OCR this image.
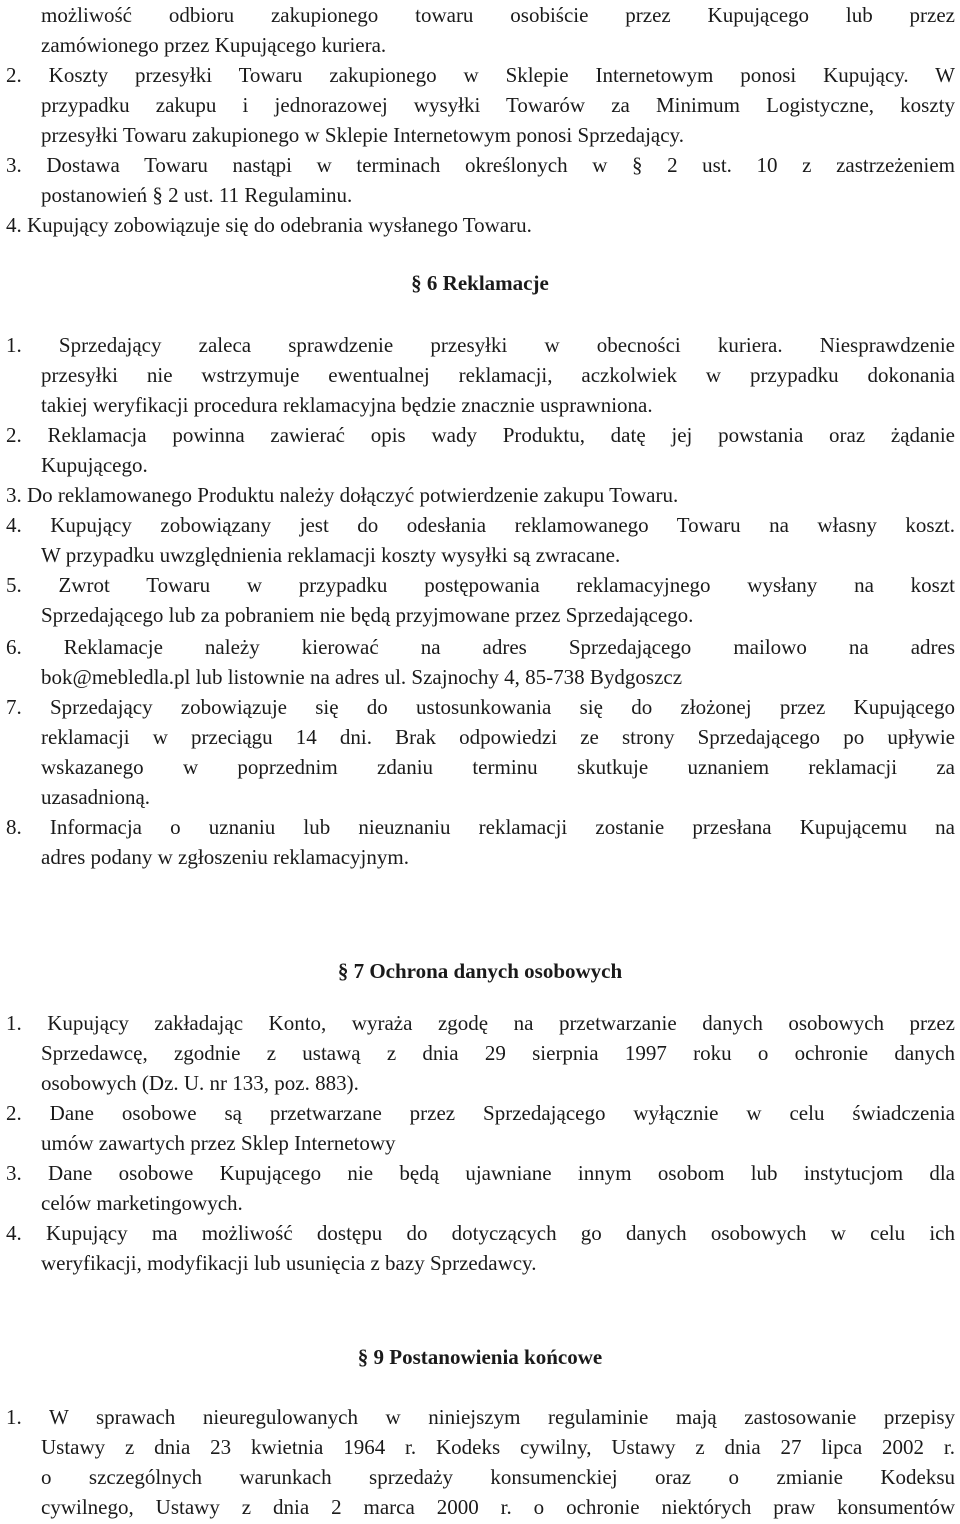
możliwość odbioru zakupionego towaru osobiście przez Kupującego lub przez
zamówionego przez Kupującego kuriera.
2. Koszty przesyłki Towaru zakupionego w Sklepie Internetowym ponosi Kupujący. W
przypadku zakupu i jednorazowej wysyłki Towarów za Minimum Logistyczne, koszty
przesyłki Towaru zakupionego w Sklepie Internetowym ponosi Sprzedający.
3. Dostawa Towaru nastąpi w terminach określonych w § 2 ust. 10 z zastrzeżeniem
postanowień § 2 ust. 11 Regulaminu.
4. Kupujący zobowiązuje się do odebrania wysłanego Towaru.
§ 6 Reklamacje
1. Sprzedający zaleca sprawdzenie przesyłki w obecności kuriera. Niesprawdzenie
przesyłki nie wstrzymuje ewentualnej reklamacji, aczkolwiek w przypadku dokonania
takiej weryfikacji procedura reklamacyjna będzie znacznie usprawniona.
2. Reklamacja powinna zawierać opis wady Produktu, datę jej powstania oraz żądanie
Kupującego.
3. Do reklamowanego Produktu należy dołączyć potwierdzenie zakupu Towaru.
4. Kupujący zobowiązany jest do odesłania reklamowanego Towaru na własny koszt.
W przypadku uwzględnienia reklamacji koszty wysyłki są zwracane.
5. Zwrot Towaru w przypadku postępowania reklamacyjnego wysłany na koszt
Sprzedającego lub za pobraniem nie będą przyjmowane przez Sprzedającego.
6. Reklamacje należy kierować na adres Sprzedającego mailowo na adres
bok@mebledla.pl lub listownie na adres ul. Szajnochy 4, 85-738 Bydgoszcz
7. Sprzedający zobowiązuje się do ustosunkowania się do złożonej przez Kupującego
reklamacji w przeciągu 14 dni. Brak odpowiedzi ze strony Sprzedającego po upływie
wskazanego w poprzednim zdaniu terminu skutkuje uznaniem reklamacji za
uzasadnioną.
8. Informacja o uznaniu lub nieuznaniu reklamacji zostanie przesłana Kupującemu na
adres podany w zgłoszeniu reklamacyjnym.
§ 7 Ochrona danych osobowych
1. Kupujący zakładając Konto, wyraża zgodę na przetwarzanie danych osobowych przez
Sprzedawcę, zgodnie z ustawą z dnia 29 sierpnia 1997 roku o ochronie danych
osobowych (Dz. U. nr 133, poz. 883).
2. Dane osobowe są przetwarzane przez Sprzedającego wyłącznie w celu świadczenia
umów zawartych przez Sklep Internetowy
3. Dane osobowe Kupującego nie będą ujawniane innym osobom lub instytucjom dla
celów marketingowych.
4. Kupujący ma możliwość dostępu do dotyczących go danych osobowych w celu ich
weryfikacji, modyfikacji lub usunięcia z bazy Sprzedawcy.
§ 9 Postanowienia końcowe
1. W sprawach nieuregulowanych w niniejszym regulaminie mają zastosowanie przepisy
Ustawy z dnia 23 kwietnia 1964 r. Kodeks cywilny, Ustawy z dnia 27 lipca 2002 r.
o szczególnych warunkach sprzedaży konsumenckiej oraz o zmianie Kodeksu
cywilnego, Ustawy z dnia 2 marca 2000 r. o ochronie niektórych praw konsumentów
